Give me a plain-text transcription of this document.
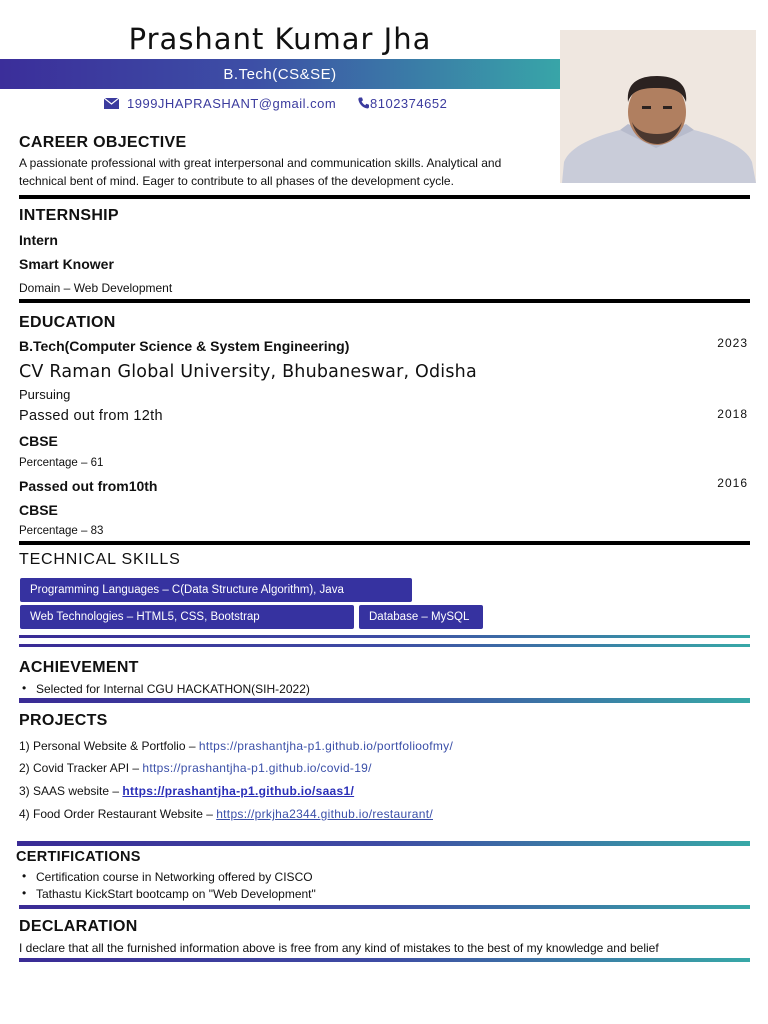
Prashant Kumar Jha
B.Tech(CS&SE)
1999JHAPRASHANT@gmail.com	8102374652
CAREER OBJECTIVE
A passionate professional with great interpersonal and communication skills. Analytical and
technical bent of mind. Eager to contribute to all phases of the development cycle.
INTERNSHIP
Intern
Smart Knower
Domain – Web Development
EDUCATION
B.Tech(Computer Science & System Engineering)	2023
CV Raman Global University, Bhubaneswar, Odisha
Pursuing
Passed out from 12th	2018
CBSE
Percentage – 61
Passed out from10th	2016
CBSE
Percentage – 83
TECHNICAL SKILLS
Programming Languages – C(Data Structure Algorithm), Java
Web Technologies – HTML5, CSS, Bootstrap	Database – MySQL
ACHIEVEMENT
• Selected for Internal CGU HACKATHON(SIH-2022)
PROJECTS
1) Personal Website & Portfolio – https://prashantjha-p1.github.io/portfolioofmy/
2) Covid Tracker API – https://prashantjha-p1.github.io/covid-19/
3) SAAS website – https://prashantjha-p1.github.io/saas1/
4) Food Order Restaurant Website – https://prkjha2344.github.io/restaurant/
CERTIFICATIONS
• Certification course in Networking offered by CISCO
• Tathastu KickStart bootcamp on "Web Development"
DECLARATION
I declare that all the furnished information above is free from any kind of mistakes to the best of my knowledge and belief
